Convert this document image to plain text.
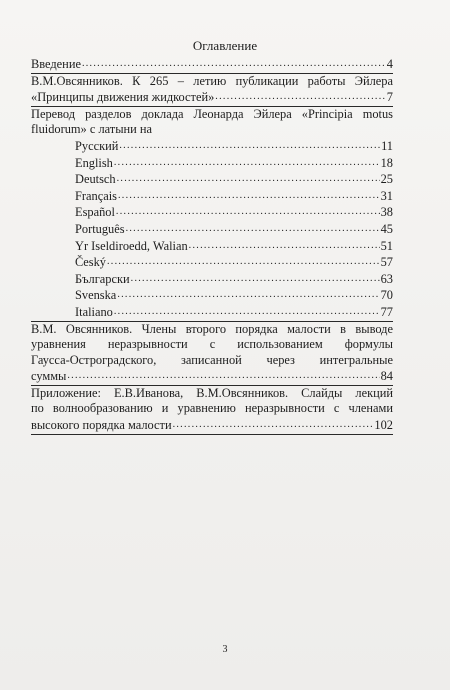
Оглавление
Введение . . .	4
В.М.Овсянников. К 265 – летию публикации работы Эйлера
«Принципы движения жидкостей» . . .	7
Перевод разделов доклада Леонарда Эйлера «Principia motus
fluidorum» с латыни на
Русский . . .	11
English . . .	18
Deutsch . . .	25
Français . . .	31
Español . . .	38
Português . . .	45
Yr Iseldiroedd, Walian . . .	51
Český . . .	57
Български . . .	63
Svenska . . .	70
Italiano . . .	77
В.М. Овсянников. Члены второго порядка малости в выводе
уравнения неразрывности с использованием формулы
Гаусса-Остроградского, записанной через интегральные
суммы . . .	84
Приложение: Е.В.Иванова, В.М.Овсянников. Слайды лекций
по волнообразованию и уравнению неразрывности с членами
высокого порядка малости . . .	102
3
